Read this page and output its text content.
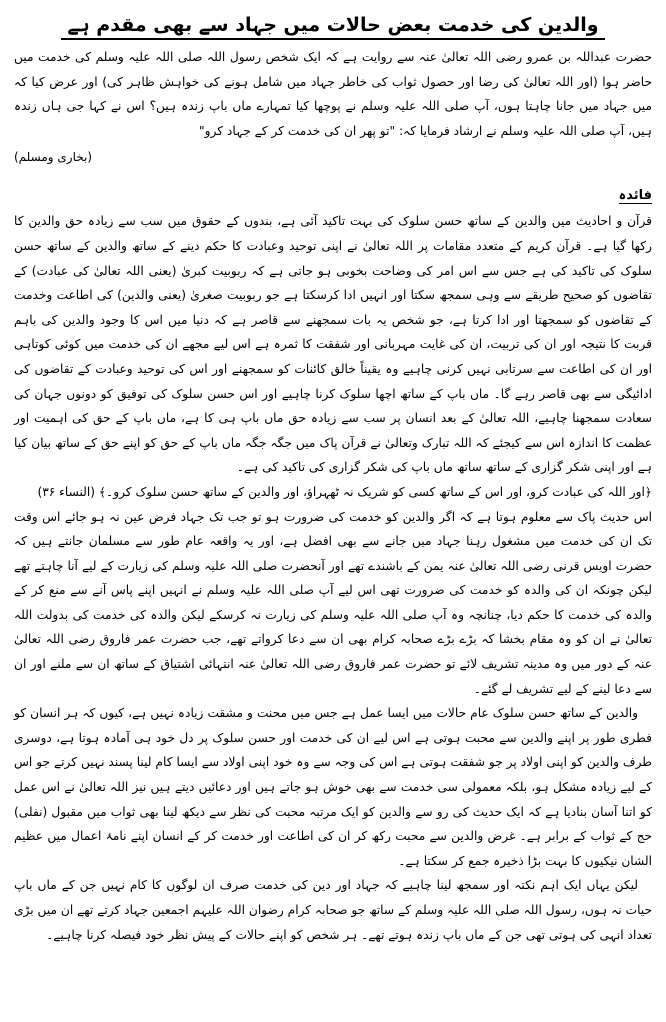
والدین کی خدمت بعض حالات میں جہاد سے بھی مقدم ہے

حضرت عبداللہ بن عمرو رضی اللہ تعالیٰ عنہ سے روایت ہے کہ ایک شخص رسول اللہ صلی اللہ علیہ وسلم کی خدمت میں حاضر ہوا (اور اللہ تعالیٰ کی رضا اور حصول ثواب کی خاطر جہاد میں شامل ہونے کی خواہش ظاہر کی) اور عرض کیا کہ میں جہاد میں جانا چاہتا ہوں، آپ صلی اللہ علیہ وسلم نے پوچھا کیا تمہارے ماں باپ زندہ ہیں؟ اس نے کہا جی ہاں زندہ ہیں، آپ صلی اللہ علیہ وسلم نے ارشاد فرمایا کہ: "تو پھر ان کی خدمت کر کے جہاد کرو"

(بخاری ومسلم)
فائدہ

قرآن و احادیث میں والدین کے ساتھ حسن سلوک کی بہت تاکید آئی ہے، بندوں کے حقوق میں سب سے زیادہ حق والدین کا رکھا گیا ہے۔ قرآن کریم کے متعدد مقامات پر اللہ تعالیٰ نے اپنی توحید وعبادت کا حکم دینے کے ساتھ والدین کے ساتھ حسن سلوک کی تاکید کی ہے جس سے اس امر کی وضاحت بخوبی ہو جاتی ہے کہ ربوبیت کبریٰ (یعنی اللہ تعالیٰ کی عبادت) کے تقاضوں کو صحیح طریقے سے وہی سمجھ سکتا اور انہیں ادا کرسکتا ہے جو ربوبیت صغریٰ (یعنی والدین) کی اطاعت وخدمت کے تقاضوں کو سمجھتا اور ادا کرتا ہے، جو شخص یہ بات سمجھنے سے قاصر ہے کہ دنیا میں اس کا وجود والدین کی باہم قربت کا نتیجہ اور ان کی تربیت، ان کی غایت مہربانی اور شفقت کا ثمرہ ہے اس لیے مجھے ان کی خدمت میں کوئی کوتاہی اور ان کی اطاعت سے سرتابی نہیں کرنی چاہیے وہ یقیناً خالق کائنات کو سمجھنے اور اس کی توحید وعبادت کے تقاضوں کی ادائیگی سے بھی قاصر رہے گا۔ ماں باپ کے ساتھ اچھا سلوک کرنا چاہیے اور اس حسن سلوک کی توفیق کو دونوں جہان کی سعادت سمجھنا چاہیے، اللہ تعالیٰ کے بعد انسان پر سب سے زیادہ حق ماں باپ ہی کا ہے، ماں باپ کے حق کی اہمیت اور عظمت کا اندازہ اس سے کیجئے کہ اللہ تبارک وتعالیٰ نے قرآن پاک میں جگہ جگہ ماں باپ کے حق کو اپنے حق کے ساتھ بیان کیا ہے اور اپنی شکر گزاری کے ساتھ ساتھ ماں باپ کی شکر گزاری کی تاکید کی ہے۔

﴿اور اللہ کی عبادت کرو، اور اس کے ساتھ کسی کو شریک نہ ٹھہراؤ، اور والدین کے ساتھ حسن سلوک کرو۔﴾ (النساء ۳۶)

اس حدیث پاک سے معلوم ہوتا ہے کہ اگر والدین کو خدمت کی ضرورت ہو تو جب تک جہاد فرض عین نہ ہو جائے اس وقت تک ان کی خدمت میں مشغول رہنا جہاد میں جانے سے بھی افضل ہے، اور یہ واقعہ عام طور سے مسلمان جانتے ہیں کہ حضرت اویس قرنی رضی اللہ تعالیٰ عنہ یمن کے باشندے تھے اور آنحضرت صلی اللہ علیہ وسلم کی زیارت کے لیے آنا چاہتے تھے لیکن چونکہ ان کی والدہ کو خدمت کی ضرورت تھی اس لیے آپ صلی اللہ علیہ وسلم نے انہیں اپنے پاس آنے سے منع کر کے والدہ کی خدمت کا حکم دیا، چنانچہ وہ آپ صلی اللہ علیہ وسلم کی زیارت نہ کرسکے لیکن والدہ کی خدمت کی بدولت اللہ تعالیٰ نے ان کو وہ مقام بخشا کہ بڑے بڑے صحابہ کرام بھی ان سے دعا کرواتے تھے، جب حضرت عمر فاروق رضی اللہ تعالیٰ عنہ کے دور میں وہ مدینہ تشریف لائے تو حضرت عمر فاروق رضی اللہ تعالیٰ عنہ انتہائی اشتیاق کے ساتھ ان سے ملنے اور ان سے دعا لینے کے لیے تشریف لے گئے۔

والدین کے ساتھ حسن سلوک عام حالات میں ایسا عمل ہے جس میں محنت و مشقت زیادہ نہیں ہے، کیوں کہ ہر انسان کو فطری طور پر اپنے والدین سے محبت ہوتی ہے اس لیے ان کی خدمت اور حسن سلوک پر دل خود ہی آمادہ ہوتا ہے، دوسری طرف والدین کو اپنی اولاد پر جو شفقت ہوتی ہے اس کی وجہ سے وہ خود اپنی اولاد سے ایسا کام لینا پسند نہیں کرتے جو اس کے لیے زیادہ مشکل ہو، بلکہ معمولی سی خدمت سے بھی خوش ہو جاتے ہیں اور دعائیں دیتے ہیں نیز اللہ تعالیٰ نے اس عمل کو اتنا آسان بنادیا ہے کہ ایک حدیث کی رو سے والدین کو ایک مرتبہ محبت کی نظر سے دیکھ لینا بھی ثواب میں مقبول (نفلی) حج کے ثواب کے برابر ہے۔ غرض والدین سے محبت رکھ کر ان کی اطاعت اور خدمت کر کے انسان اپنے نامۂ اعمال میں عظیم الشان نیکیوں کا بہت بڑا ذخیرہ جمع کر سکتا ہے۔

لیکن یہاں ایک اہم نکتہ اور سمجھ لینا چاہیے کہ جہاد اور دین کی خدمت صرف ان لوگوں کا کام نہیں جن کے ماں باپ حیات نہ ہوں، رسول اللہ صلی اللہ علیہ وسلم کے ساتھ جو صحابہ کرام رضوان اللہ علیہم اجمعین جہاد کرتے تھے ان میں بڑی تعداد انہی کی ہوتی تھی جن کے ماں باپ زندہ ہوتے تھے۔ ہر شخص کو اپنے حالات کے پیش نظر خود فیصلہ کرنا چاہیے۔
